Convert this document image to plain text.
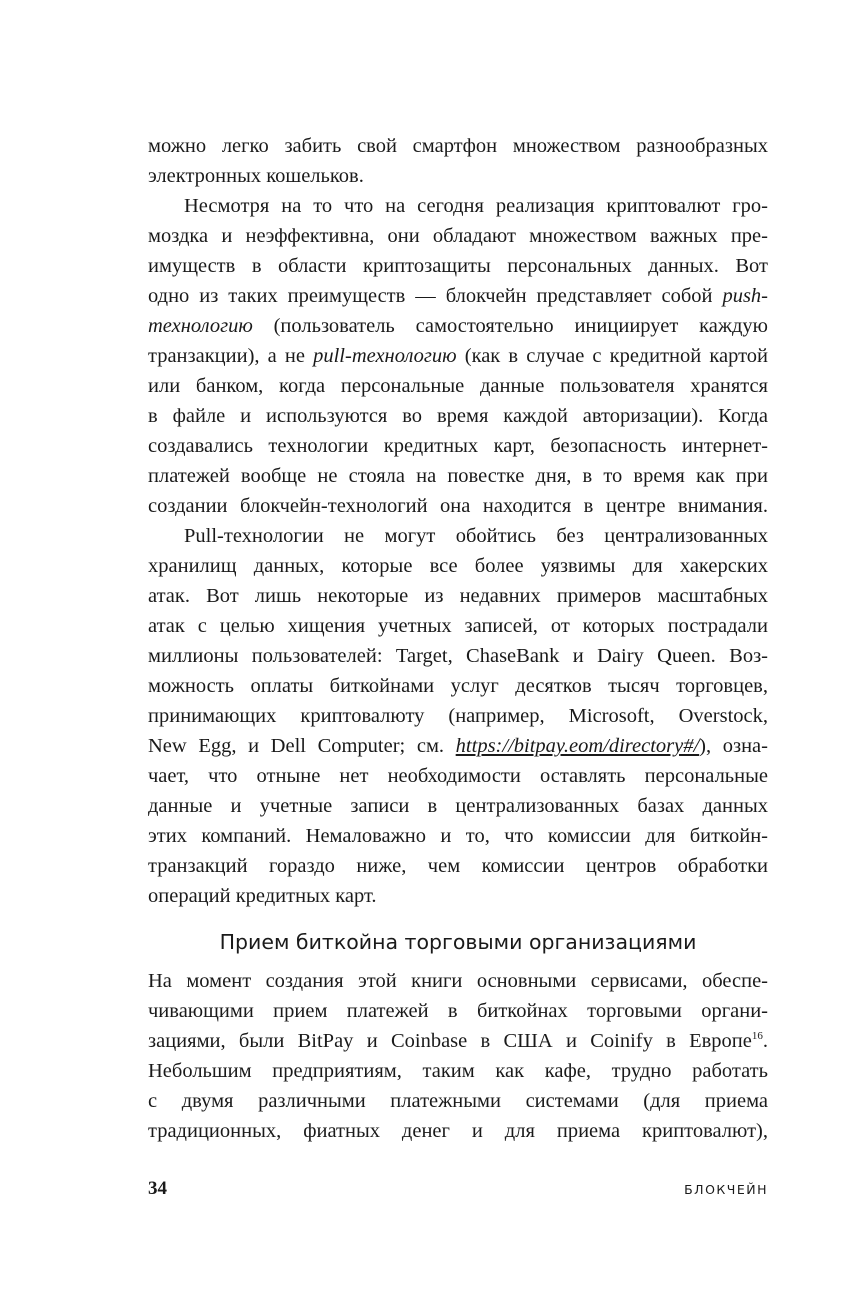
можно легко забить свой смартфон множеством разнообразных
электронных кошельков.

Несмотря на то что на сегодня реализация криптовалют гро-
моздка и неэффективна, они обладают множеством важных пре-
имуществ в области криптозащиты персональных данных. Вот
одно из таких преимуществ — блокчейн представляет собой push-
технологию (пользователь самостоятельно инициирует каждую
транзакции), а не pull-технологию (как в случае с кредитной картой
или банком, когда персональные данные пользователя хранятся
в файле и используются во время каждой авторизации). Когда
создавались технологии кредитных карт, безопасность интернет-
платежей вообще не стояла на повестке дня, в то время как при
создании блокчейн-технологий она находится в центре внимания.

Pull-технологии не могут обойтись без централизованных
хранилищ данных, которые все более уязвимы для хакерских
атак. Вот лишь некоторые из недавних примеров масштабных
атак с целью хищения учетных записей, от которых пострадали
миллионы пользователей: Target, ChaseBank и Dairy Queen. Воз-
можность оплаты биткойнами услуг десятков тысяч торговцев,
принимающих криптовалюту (например, Microsoft, Overstock,
New Egg, и Dell Computer; см. https://bitpay.eom/directory#/), озна-
чает, что отныне нет необходимости оставлять персональные
данные и учетные записи в централизованных базах данных
этих компаний. Немаловажно и то, что комиссии для биткойн-
транзакций гораздо ниже, чем комиссии центров обработки
операций кредитных карт.

Прием биткойна торговыми организациями

На момент создания этой книги основными сервисами, обеспе-
чивающими прием платежей в биткойнах торговыми органи-
зациями, были BitPay и Coinbase в США и Coinify в Европе$^{16}$.
Небольшим предприятиям, таким как кафе, трудно работать
с двумя различными платежными системами (для приема
традиционных, фиатных денег и для приема криптовалют),

34	БЛОКЧЕЙН
